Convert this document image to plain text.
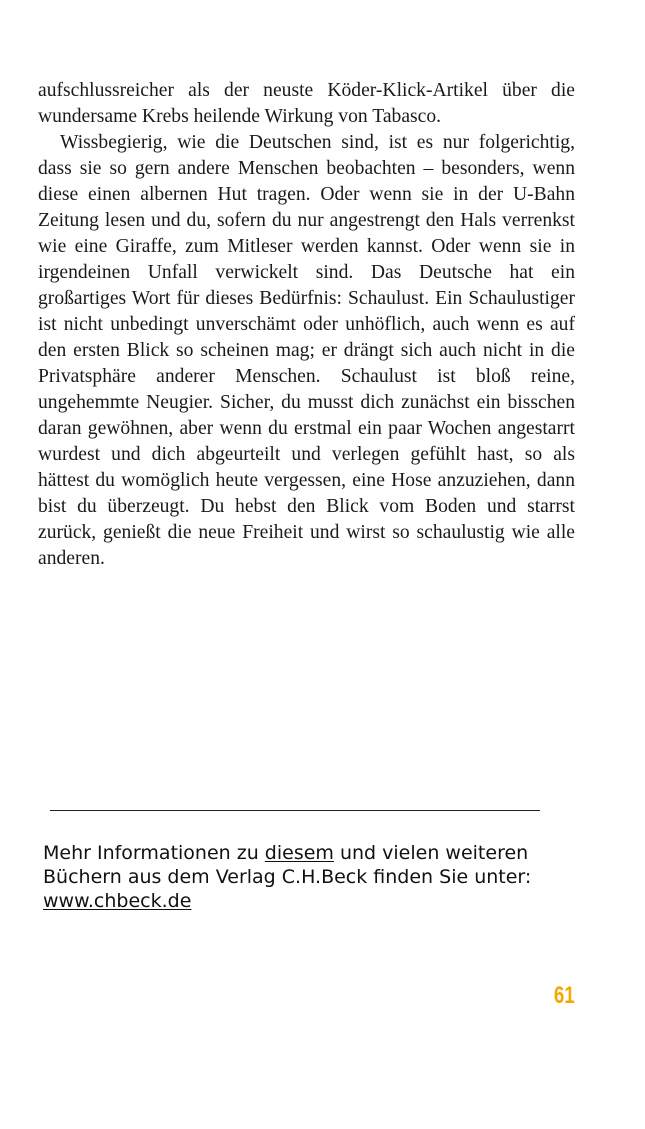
aufschlussreicher als der neuste Köder-Klick-Artikel über die wundersame Krebs heilende Wirkung von Tabasco.

Wissbegierig, wie die Deutschen sind, ist es nur folgerichtig, dass sie so gern andere Menschen beobachten – besonders, wenn diese einen albernen Hut tragen. Oder wenn sie in der U-Bahn Zeitung lesen und du, sofern du nur angestrengt den Hals verrenkst wie eine Giraffe, zum Mitleser werden kannst. Oder wenn sie in irgendeinen Unfall verwickelt sind. Das Deutsche hat ein großartiges Wort für dieses Bedürfnis: Schaulust. Ein Schaulustiger ist nicht unbedingt unverschämt oder unhöflich, auch wenn es auf den ersten Blick so scheinen mag; er drängt sich auch nicht in die Privatsphäre anderer Menschen. Schaulust ist bloß reine, ungehemmte Neugier. Sicher, du musst dich zunächst ein bisschen daran gewöhnen, aber wenn du erstmal ein paar Wochen angestarrt wurdest und dich abgeurteilt und verlegen gefühlt hast, so als hättest du womöglich heute vergessen, eine Hose anzuziehen, dann bist du überzeugt. Du hebst den Blick vom Boden und starrst zurück, genießt die neue Freiheit und wirst so schaulustig wie alle anderen.

Mehr Informationen zu diesem und vielen weiteren Büchern aus dem Verlag C.H.Beck finden Sie unter: www.chbeck.de
61
